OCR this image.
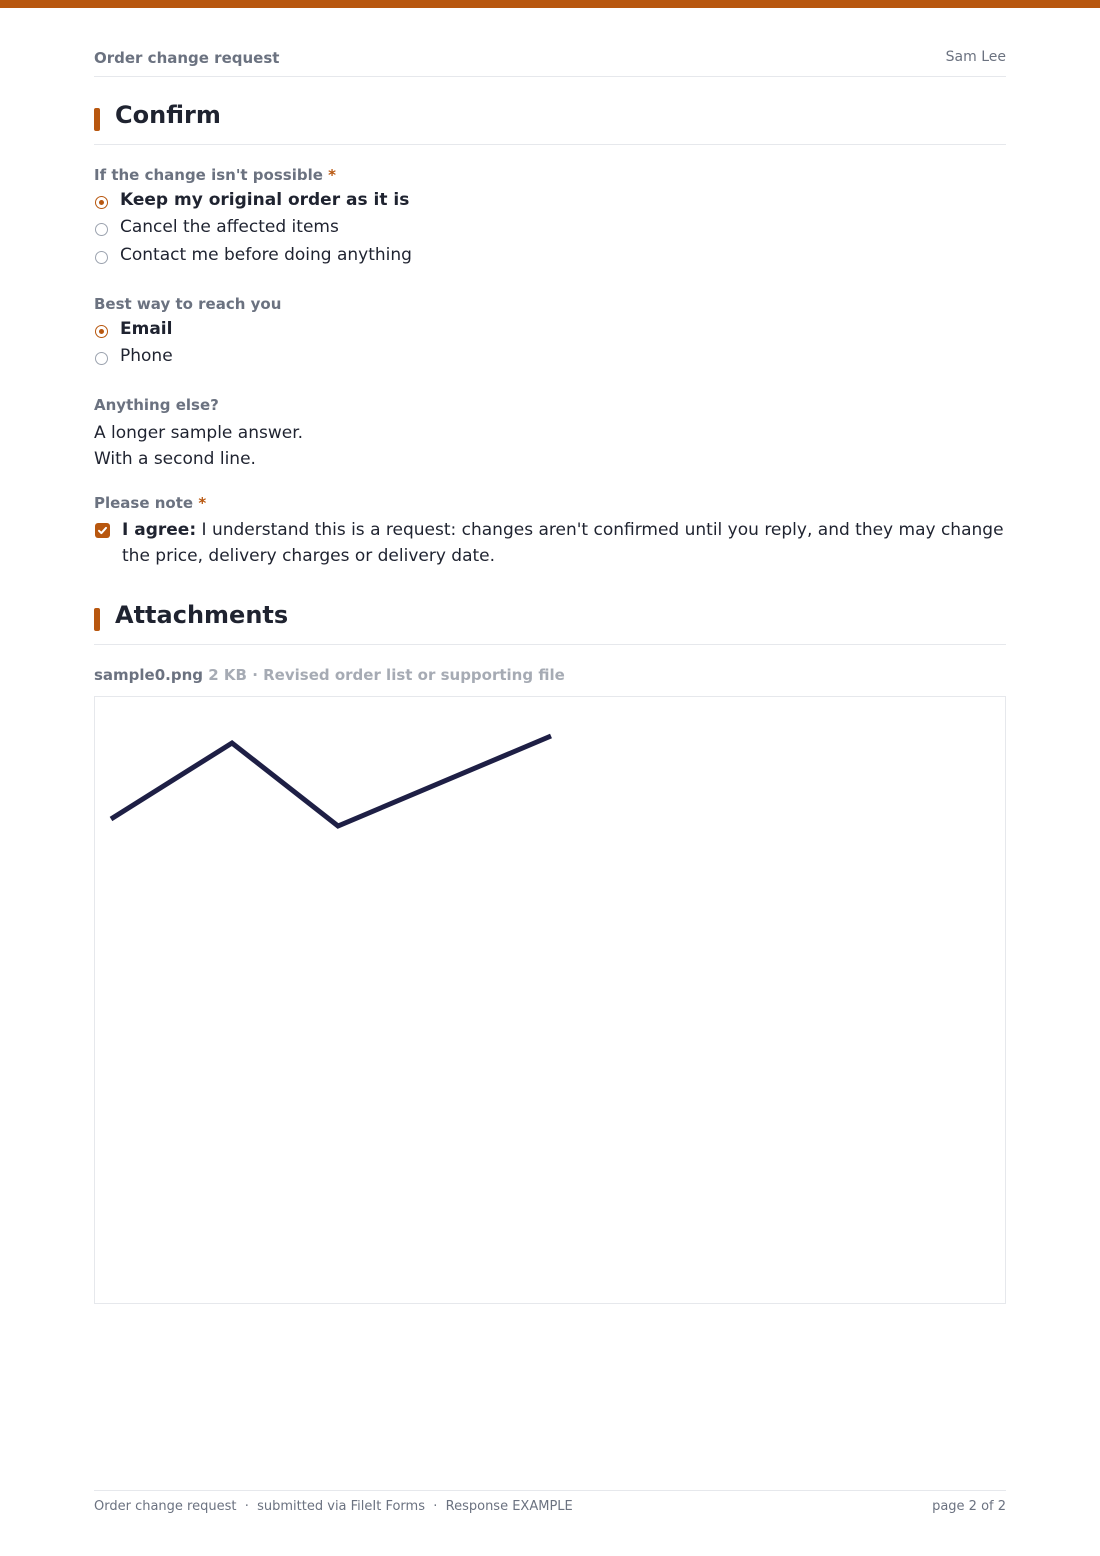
Order change request	Sam Lee
Confirm
If the change isn't possible *
Keep my original order as it is
Cancel the affected items
Contact me before doing anything
Best way to reach you
Email
Phone
Anything else?
A longer sample answer.
With a second line.
Please note *
I agree: I understand this is a request: changes aren't confirmed until you reply, and they may change the price, delivery charges or delivery date.
Attachments
sample0.png 2 KB · Revised order list or supporting file
Order change request  ·  submitted via FileIt Forms  ·  Response EXAMPLE	page 2 of 2
